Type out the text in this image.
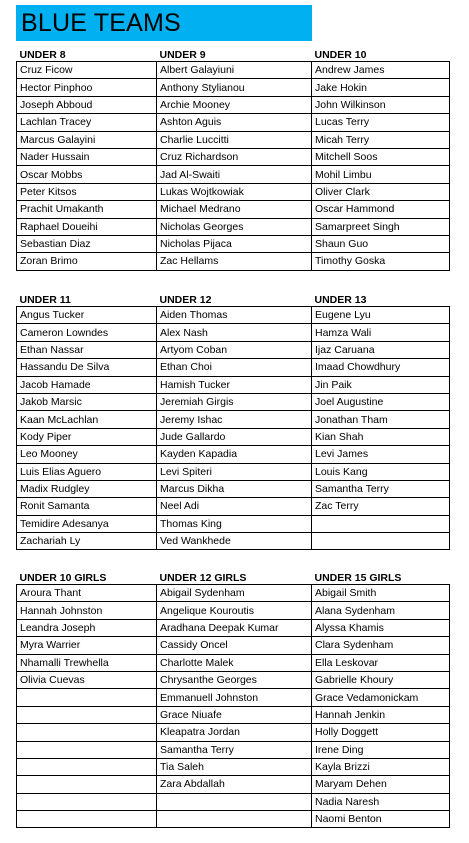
BLUE TEAMS
UNDER 8	UNDER 9	UNDER 10
Cruz Ficow	Albert Galayiuni	Andrew James
Hector Pinphoo	Anthony Stylianou	Jake Hokin
Joseph Abboud	Archie Mooney	John Wilkinson
Lachlan Tracey	Ashton Aguis	Lucas Terry
Marcus Galayini	Charlie Luccitti	Micah Terry
Nader Hussain	Cruz Richardson	Mitchell Soos
Oscar Mobbs	Jad Al-Swaiti	Mohil Limbu
Peter Kitsos	Lukas Wojtkowiak	Oliver Clark
Prachit Umakanth	Michael Medrano	Oscar Hammond
Raphael Doueihi	Nicholas Georges	Samarpreet Singh
Sebastian Diaz	Nicholas Pijaca	Shaun Guo
Zoran Brimo	Zac Hellams	Timothy Goska
UNDER 11	UNDER 12	UNDER 13
Angus Tucker	Aiden Thomas	Eugene Lyu
Cameron Lowndes	Alex Nash	Hamza Wali
Ethan Nassar	Artyom Coban	Ijaz Caruana
Hassandu De Silva	Ethan Choi	Imaad Chowdhury
Jacob Hamade	Hamish Tucker	Jin Paik
Jakob Marsic	Jeremiah Girgis	Joel Augustine
Kaan McLachlan	Jeremy Ishac	Jonathan Tham
Kody Piper	Jude Gallardo	Kian Shah
Leo Mooney	Kayden Kapadia	Levi James
Luis Elias Aguero	Levi Spiteri	Louis Kang
Madix Rudgley	Marcus Dikha	Samantha Terry
Ronit Samanta	Neel Adi	Zac Terry
Temidire Adesanya	Thomas King	
Zachariah Ly	Ved Wankhede	
UNDER 10 GIRLS	UNDER 12 GIRLS	UNDER 15 GIRLS
Aroura Thant	Abigail Sydenham	Abigail Smith
Hannah Johnston	Angelique Kouroutis	Alana Sydenham
Leandra Joseph	Aradhana Deepak Kumar	Alyssa Khamis
Myra Warrier	Cassidy Oncel	Clara Sydenham
Nhamalli Trewhella	Charlotte Malek	Ella Leskovar
Olivia Cuevas	Chrysanthe Georges	Gabrielle Khoury
	Emmanuell Johnston	Grace Vedamonickam
	Grace Niuafe	Hannah Jenkin
	Kleapatra Jordan	Holly Doggett
	Samantha Terry	Irene Ding
	Tia Saleh	Kayla Brizzi
	Zara Abdallah	Maryam Dehen
		Nadia Naresh
		Naomi Benton
